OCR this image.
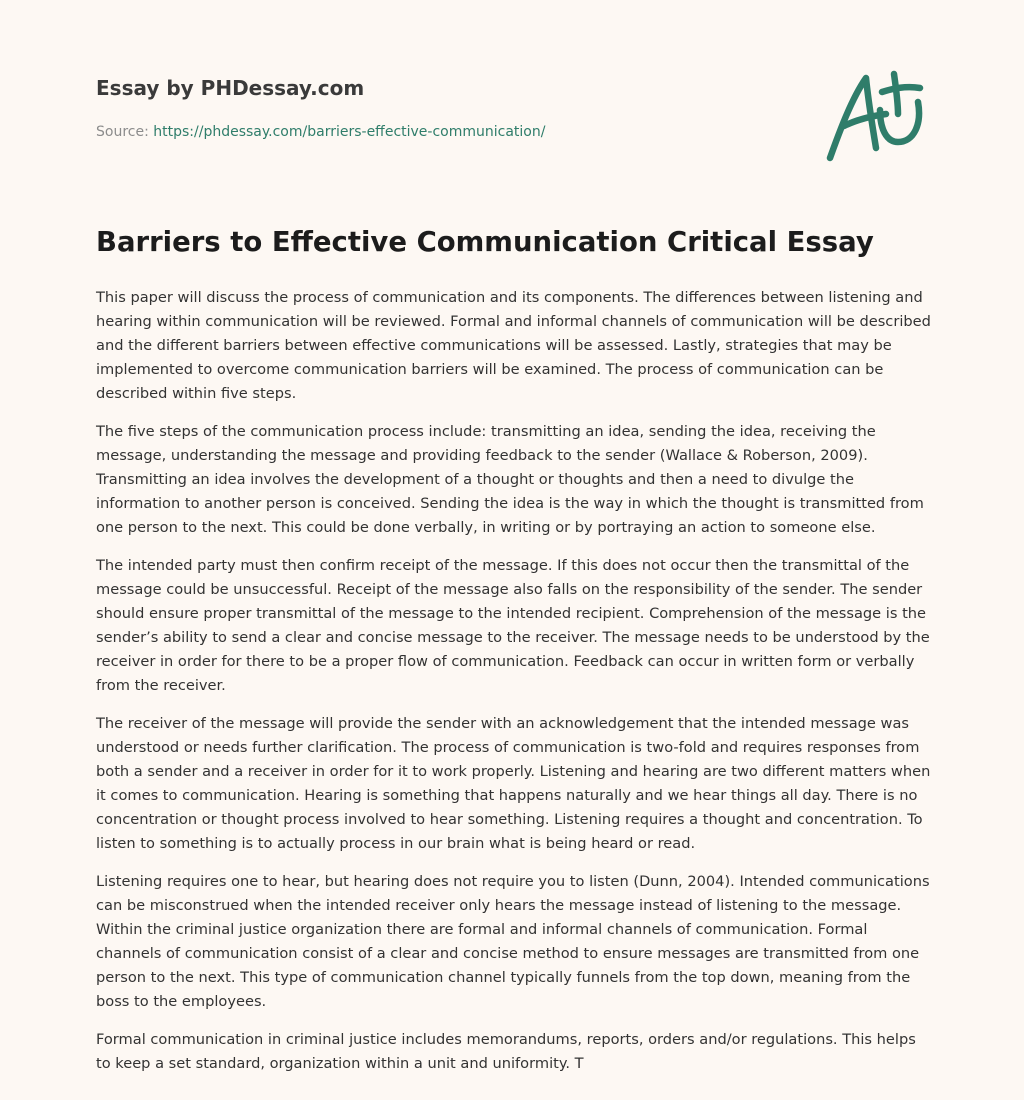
Essay by PHDessay.com
Source: https://phdessay.com/barriers-effective-communication/
Barriers to Effective Communication Critical Essay

This paper will discuss the process of communication and its components. The differences between listening and hearing within communication will be reviewed. Formal and informal channels of communication will be described and the different barriers between effective communications will be assessed. Lastly, strategies that may be implemented to overcome communication barriers will be examined. The process of communication can be described within five steps.

The five steps of the communication process include: transmitting an idea, sending the idea, receiving the message, understanding the message and providing feedback to the sender (Wallace & Roberson, 2009). Transmitting an idea involves the development of a thought or thoughts and then a need to divulge the information to another person is conceived. Sending the idea is the way in which the thought is transmitted from one person to the next. This could be done verbally, in writing or by portraying an action to someone else.

The intended party must then confirm receipt of the message. If this does not occur then the transmittal of the message could be unsuccessful. Receipt of the message also falls on the responsibility of the sender. The sender should ensure proper transmittal of the message to the intended recipient. Comprehension of the message is the sender’s ability to send a clear and concise message to the receiver. The message needs to be understood by the receiver in order for there to be a proper flow of communication. Feedback can occur in written form or verbally from the receiver.

The receiver of the message will provide the sender with an acknowledgement that the intended message was understood or needs further clarification. The process of communication is two-fold and requires responses from both a sender and a receiver in order for it to work properly. Listening and hearing are two different matters when it comes to communication. Hearing is something that happens naturally and we hear things all day. There is no concentration or thought process involved to hear something. Listening requires a thought and concentration. To listen to something is to actually process in our brain what is being heard or read.

Listening requires one to hear, but hearing does not require you to listen (Dunn, 2004). Intended communications can be misconstrued when the intended receiver only hears the message instead of listening to the message. Within the criminal justice organization there are formal and informal channels of communication. Formal channels of communication consist of a clear and concise method to ensure messages are transmitted from one person to the next. This type of communication channel typically funnels from the top down, meaning from the boss to the employees.

Formal communication in criminal justice includes memorandums, reports, orders and/or regulations. This helps to keep a set standard, organization within a unit and uniformity. T
